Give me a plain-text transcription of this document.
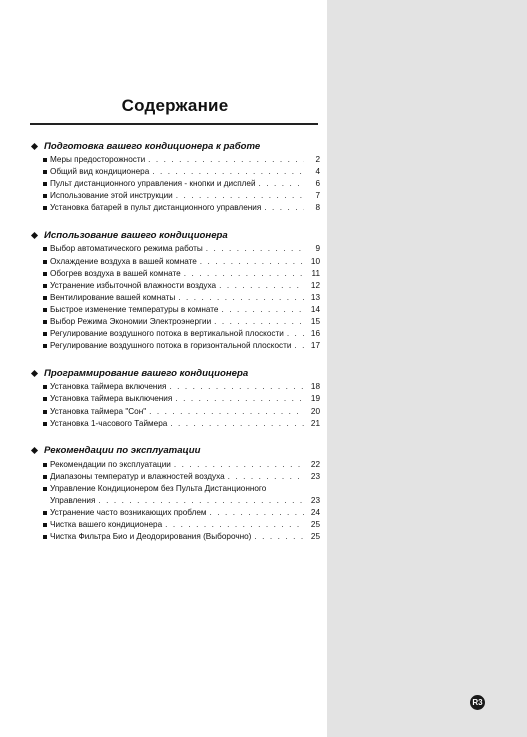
Содержание
Подготовка вашего кондиционера к работе
Меры предосторожности . . .	2
Общий вид кондиционера . . .	4
Пульт дистанционного управления - кнопки и дисплей . . .	6
Использование этой инструкции . . .	7
Установка батарей в пульт дистанционного управления . . .	8
Использование вашего кондиционера
Выбор автоматического режима работы . . .	9
Охлаждение воздуха в вашей комнате . . .	10
Обогрев воздуха в вашей комнате . . .	11
Устранение избыточной влажности воздуха . . .	12
Вентилирование вашей комнаты . . .	13
Быстрое изменение температуры в комнате . . .	14
Выбор Режима Экономии Электроэнергии . . .	15
Регулирование воздушного потока в вертикальной плоскости . . .	16
Регулирование воздушного потока в горизонтальной плоскости . . .	17
Программирование вашего кондиционера
Установка таймера включения . . .	18
Установка таймера выключения . . .	19
Установка таймера "Сон" . . .	20
Установка 1-часового Таймера . . .	21
Рекомендации по эксплуатации
Рекомендации по эксплуатации . . .	22
Диапазоны температур и влажностей воздуха . . .	23
Управление Кондиционером без Пульта Дистанционного
Управления . . .	23
Устранение часто возникающих проблем . . .	24
Чистка вашего кондиционера . . .	25
Чистка Фильтра Био и Деодорирования (Выборочно) . . .	25
R3
